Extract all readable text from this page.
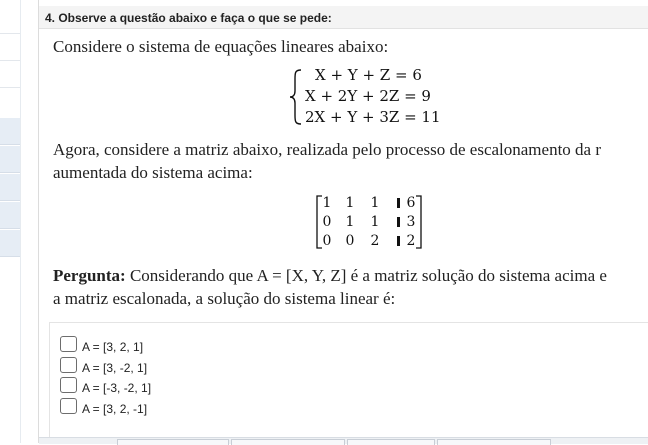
4. Observe a questão abaixo e faça o que se pede:
Considere o sistema de equações lineares abaixo:
X + Y + Z = 6
X + 2Y + 2Z = 9
2X + Y + 3Z = 11
Agora, considere a matriz abaixo, realizada pelo processo de escalonamento da r
aumentada do sistema acima:
1 1 1 6
0 1 1 3
0 0 2 2
Pergunta: Considerando que A = [X, Y, Z] é a matriz solução do sistema acima e
a matriz escalonada, a solução do sistema linear é:
A = [3, 2, 1]
A = [3, -2, 1]
A = [-3, -2, 1]
A = [3, 2, -1]
